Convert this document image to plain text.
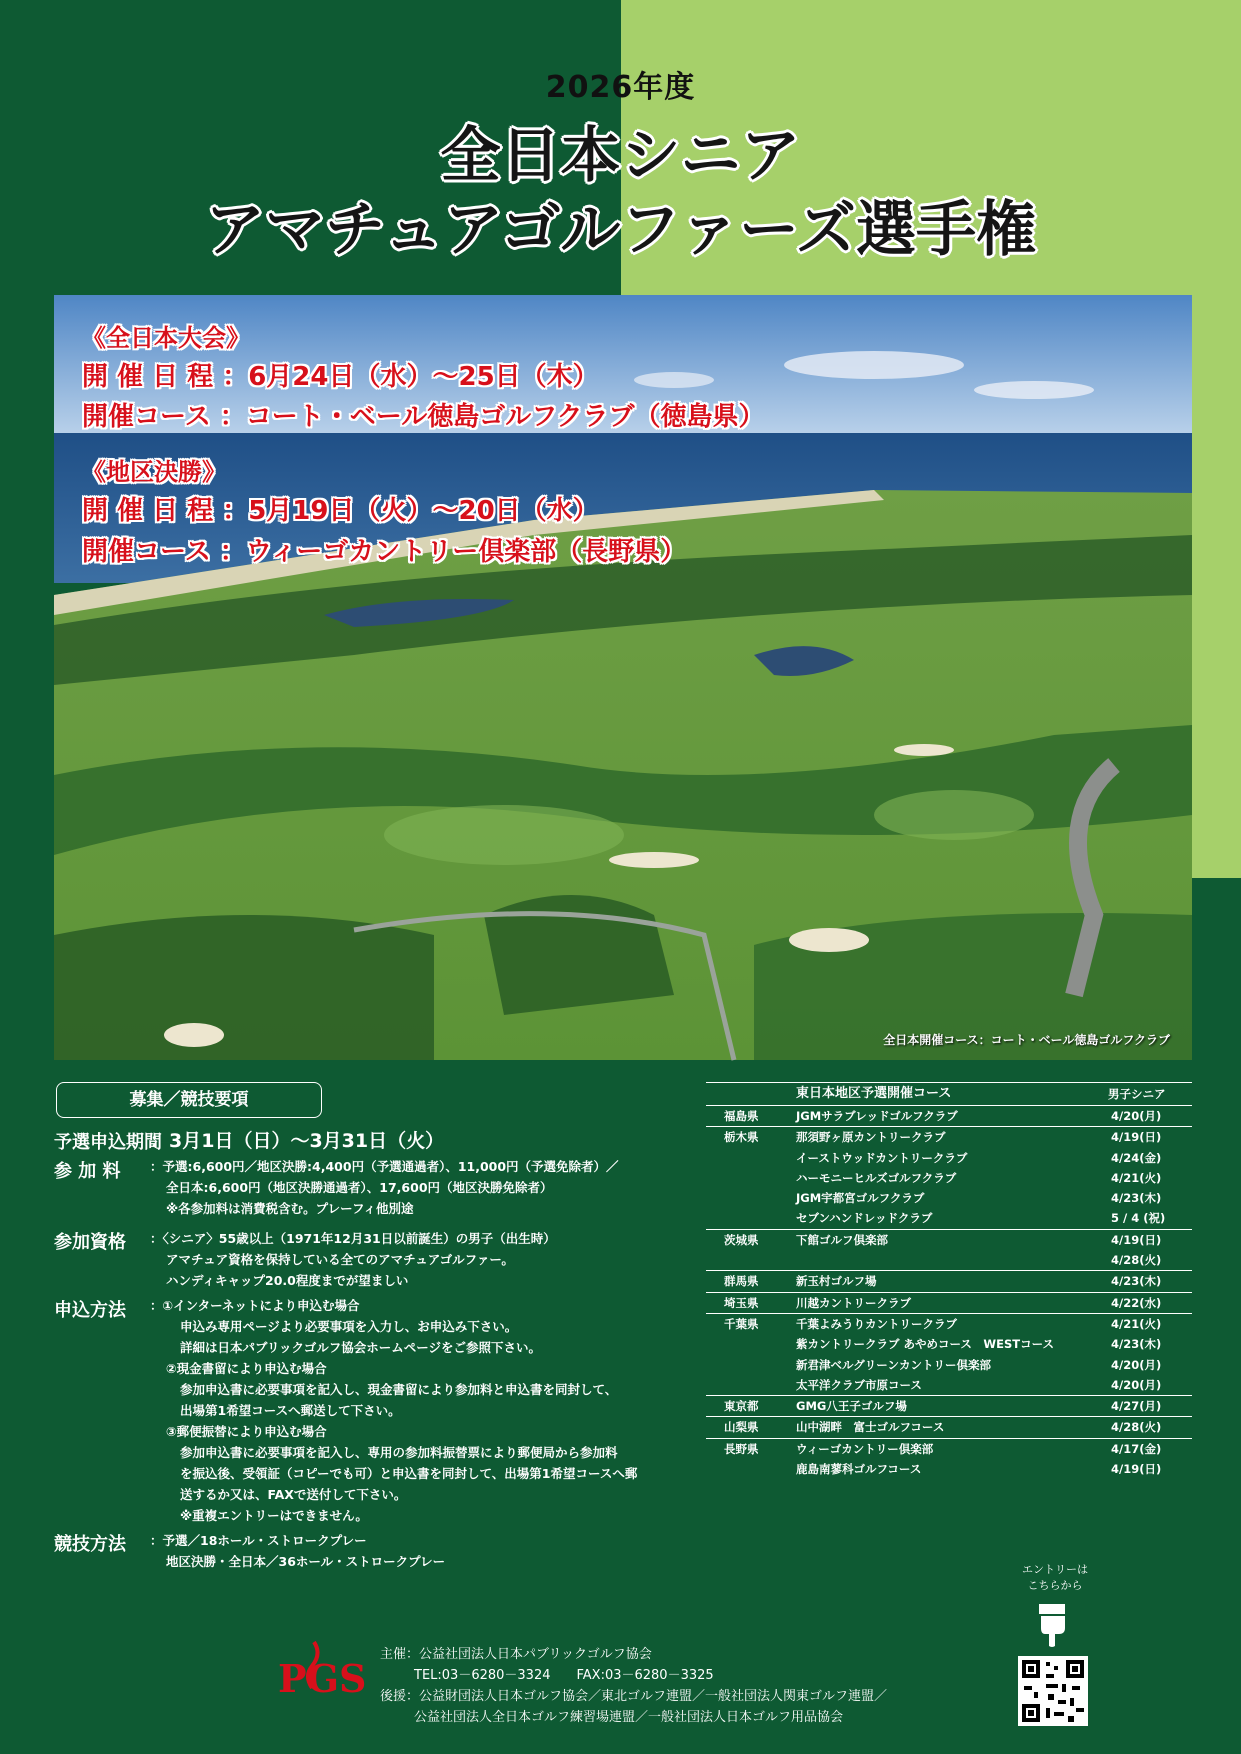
2026年度
全日本シニア
アマチュアゴルファーズ選手権
全日本開催コース：コート・ベール徳島ゴルフクラブ
《全日本大会》
開 催 日 程 ：6月24日（水）～25日（木）
開催コース ：コート・ベール徳島ゴルフクラブ（徳島県）
《地区決勝》
開 催 日 程 ：5月19日（火）～20日（水）
開催コース ：ウィーゴカントリー倶楽部（長野県）
募集／競技要項
予選申込期間
：3月1日（日）～3月31日（火）
参 加 料 ：予選:6,600円／地区決勝:4,400円（予選通過者）、11,000円（予選免除者）／
全日本:6,600円（地区決勝通過者）、17,600円（地区決勝免除者）
※各参加料は消費税含む。プレーフィ他別途
参加資格 ：〈シニア〉55歳以上（1971年12月31日以前誕生）の男子（出生時）
アマチュア資格を保持している全てのアマチュアゴルファー。
ハンディキャップ20.0程度までが望ましい
申込方法 ：①インターネットにより申込む場合
申込み専用ページより必要事項を入力し、お申込み下さい。
詳細は日本パブリックゴルフ協会ホームページをご参照下さい。
②現金書留により申込む場合
参加申込書に必要事項を記入し、現金書留により参加料と申込書を同封して、
出場第1希望コースへ郵送して下さい。
③郵便振替により申込む場合
参加申込書に必要事項を記入し、専用の参加料振替票により郵便局から参加料
を振込後、受領証（コピーでも可）と申込書を同封して、出場第1希望コースへ郵
送するか又は、FAXで送付して下さい。
※重複エントリーはできません。
競技方法 ：予選／18ホール・ストロークプレー
地区決勝・全日本／36ホール・ストロークプレー
東日本地区予選開催コース	男子シニア
福島県	JGMサラブレッドゴルフクラブ	4/20(月)
栃木県	那須野ヶ原カントリークラブ	4/19(日)
イーストウッドカントリークラブ	4/24(金)
ハーモニーヒルズゴルフクラブ	4/21(火)
JGM宇都宮ゴルフクラブ	4/23(木)
セブンハンドレッドクラブ	5 / 4 (祝)
茨城県	下館ゴルフ倶楽部	4/19(日)
4/28(火)
群馬県	新玉村ゴルフ場	4/23(木)
埼玉県	川越カントリークラブ	4/22(水)
千葉県	千葉よみうりカントリークラブ	4/21(火)
紫カントリークラブ あやめコース　WESTコース	4/23(木)
新君津ベルグリーンカントリー倶楽部	4/20(月)
太平洋クラブ市原コース	4/20(月)
東京都	GMG八王子ゴルフ場	4/27(月)
山梨県	山中湖畔　富士ゴルフコース	4/28(火)
長野県	ウィーゴカントリー倶楽部	4/17(金)
鹿島南蓼科ゴルフコース	4/19(日)
エントリーは
こちらから
PGS
主催：公益社団法人日本パブリックゴルフ協会
TEL:03－6280－3324　　FAX:03－6280－3325
後援：公益財団法人日本ゴルフ協会／東北ゴルフ連盟／一般社団法人関東ゴルフ連盟／
公益社団法人全日本ゴルフ練習場連盟／一般社団法人日本ゴルフ用品協会
